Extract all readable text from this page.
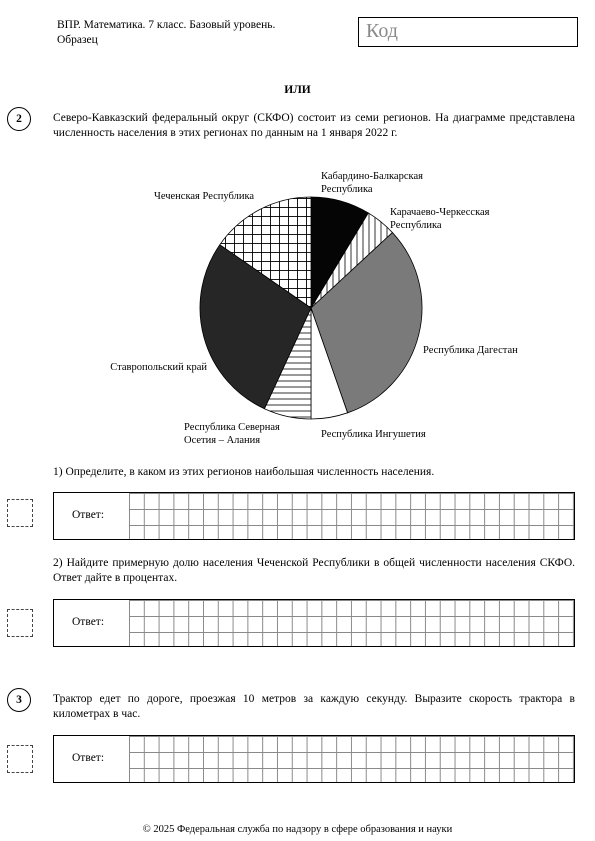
ВПР. Математика. 7 класс. Базовый уровень.
Образец	Код
ИЛИ
2	Северо-Кавказский федеральный округ (СКФО) состоит из семи регионов. На диаграмме представлена численность населения в этих регионах по данным на 1 января 2022 г.
Кабардино-Балкарская Республика
Карачаево-Черкесская Республика
Республика Дагестан
Республика Ингушетия
Республика Северная Осетия – Алания
Ставропольский край
Чеченская Республика
1) Определите, в каком из этих регионов наибольшая численность населения.
Ответ:
2) Найдите примерную долю населения Чеченской Республики в общей численности населения СКФО. Ответ дайте в процентах.
Ответ:
3	Трактор едет по дороге, проезжая 10 метров за каждую секунду. Выразите скорость трактора в километрах в час.
Ответ:
© 2025 Федеральная служба по надзору в сфере образования и науки
